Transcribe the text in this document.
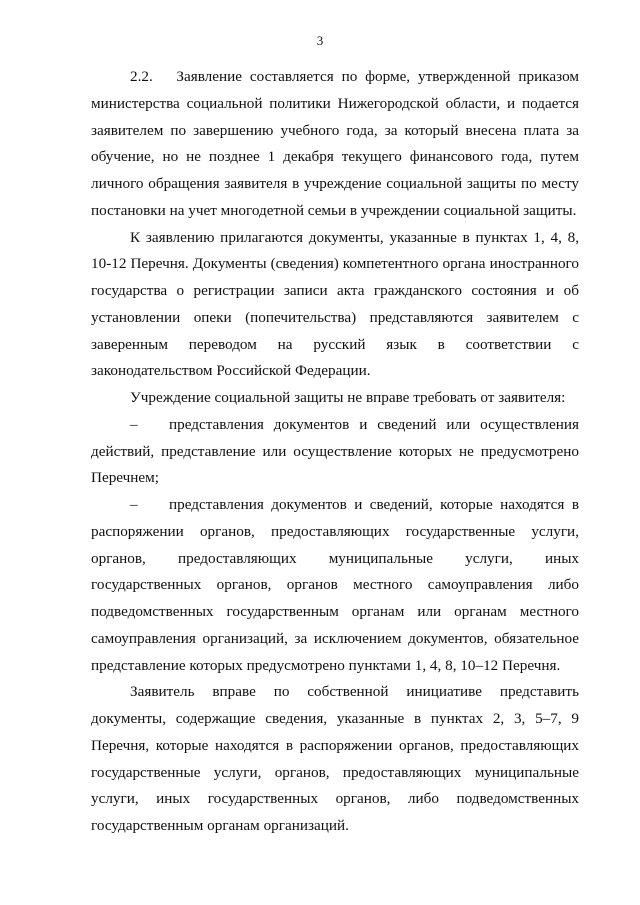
3

2.2.   Заявление составляется по форме, утвержденной приказом министерства социальной политики Нижегородской области, и подается заявителем по завершению учебного года, за который внесена плата за обучение, но не позднее 1 декабря текущего финансового года, путем личного обращения заявителя в учреждение социальной защиты по месту постановки на учет многодетной семьи в учреждении социальной защиты.

К заявлению прилагаются документы, указанные в пунктах 1, 4, 8, 10-12 Перечня. Документы (сведения) компетентного органа иностранного государства о регистрации записи акта гражданского состояния и об установлении опеки (попечительства) представляются заявителем с заверенным переводом на русский язык в соответствии с законодательством Российской Федерации.

Учреждение социальной защиты не вправе требовать от заявителя:

– представления документов и сведений или осуществления действий, представление или осуществление которых не предусмотрено Перечнем;

– представления документов и сведений, которые находятся в распоряжении органов, предоставляющих государственные услуги, органов, предоставляющих муниципальные услуги, иных государственных органов, органов местного самоуправления либо подведомственных государственным органам или органам местного самоуправления организаций, за исключением документов, обязательное представление которых предусмотрено пунктами 1, 4, 8, 10–12 Перечня.

Заявитель вправе по собственной инициативе представить документы, содержащие сведения, указанные в пунктах 2, 3, 5–7, 9 Перечня, которые находятся в распоряжении органов, предоставляющих государственные услуги, органов, предоставляющих муниципальные услуги, иных государственных органов, либо подведомственных государственным органам организаций.
